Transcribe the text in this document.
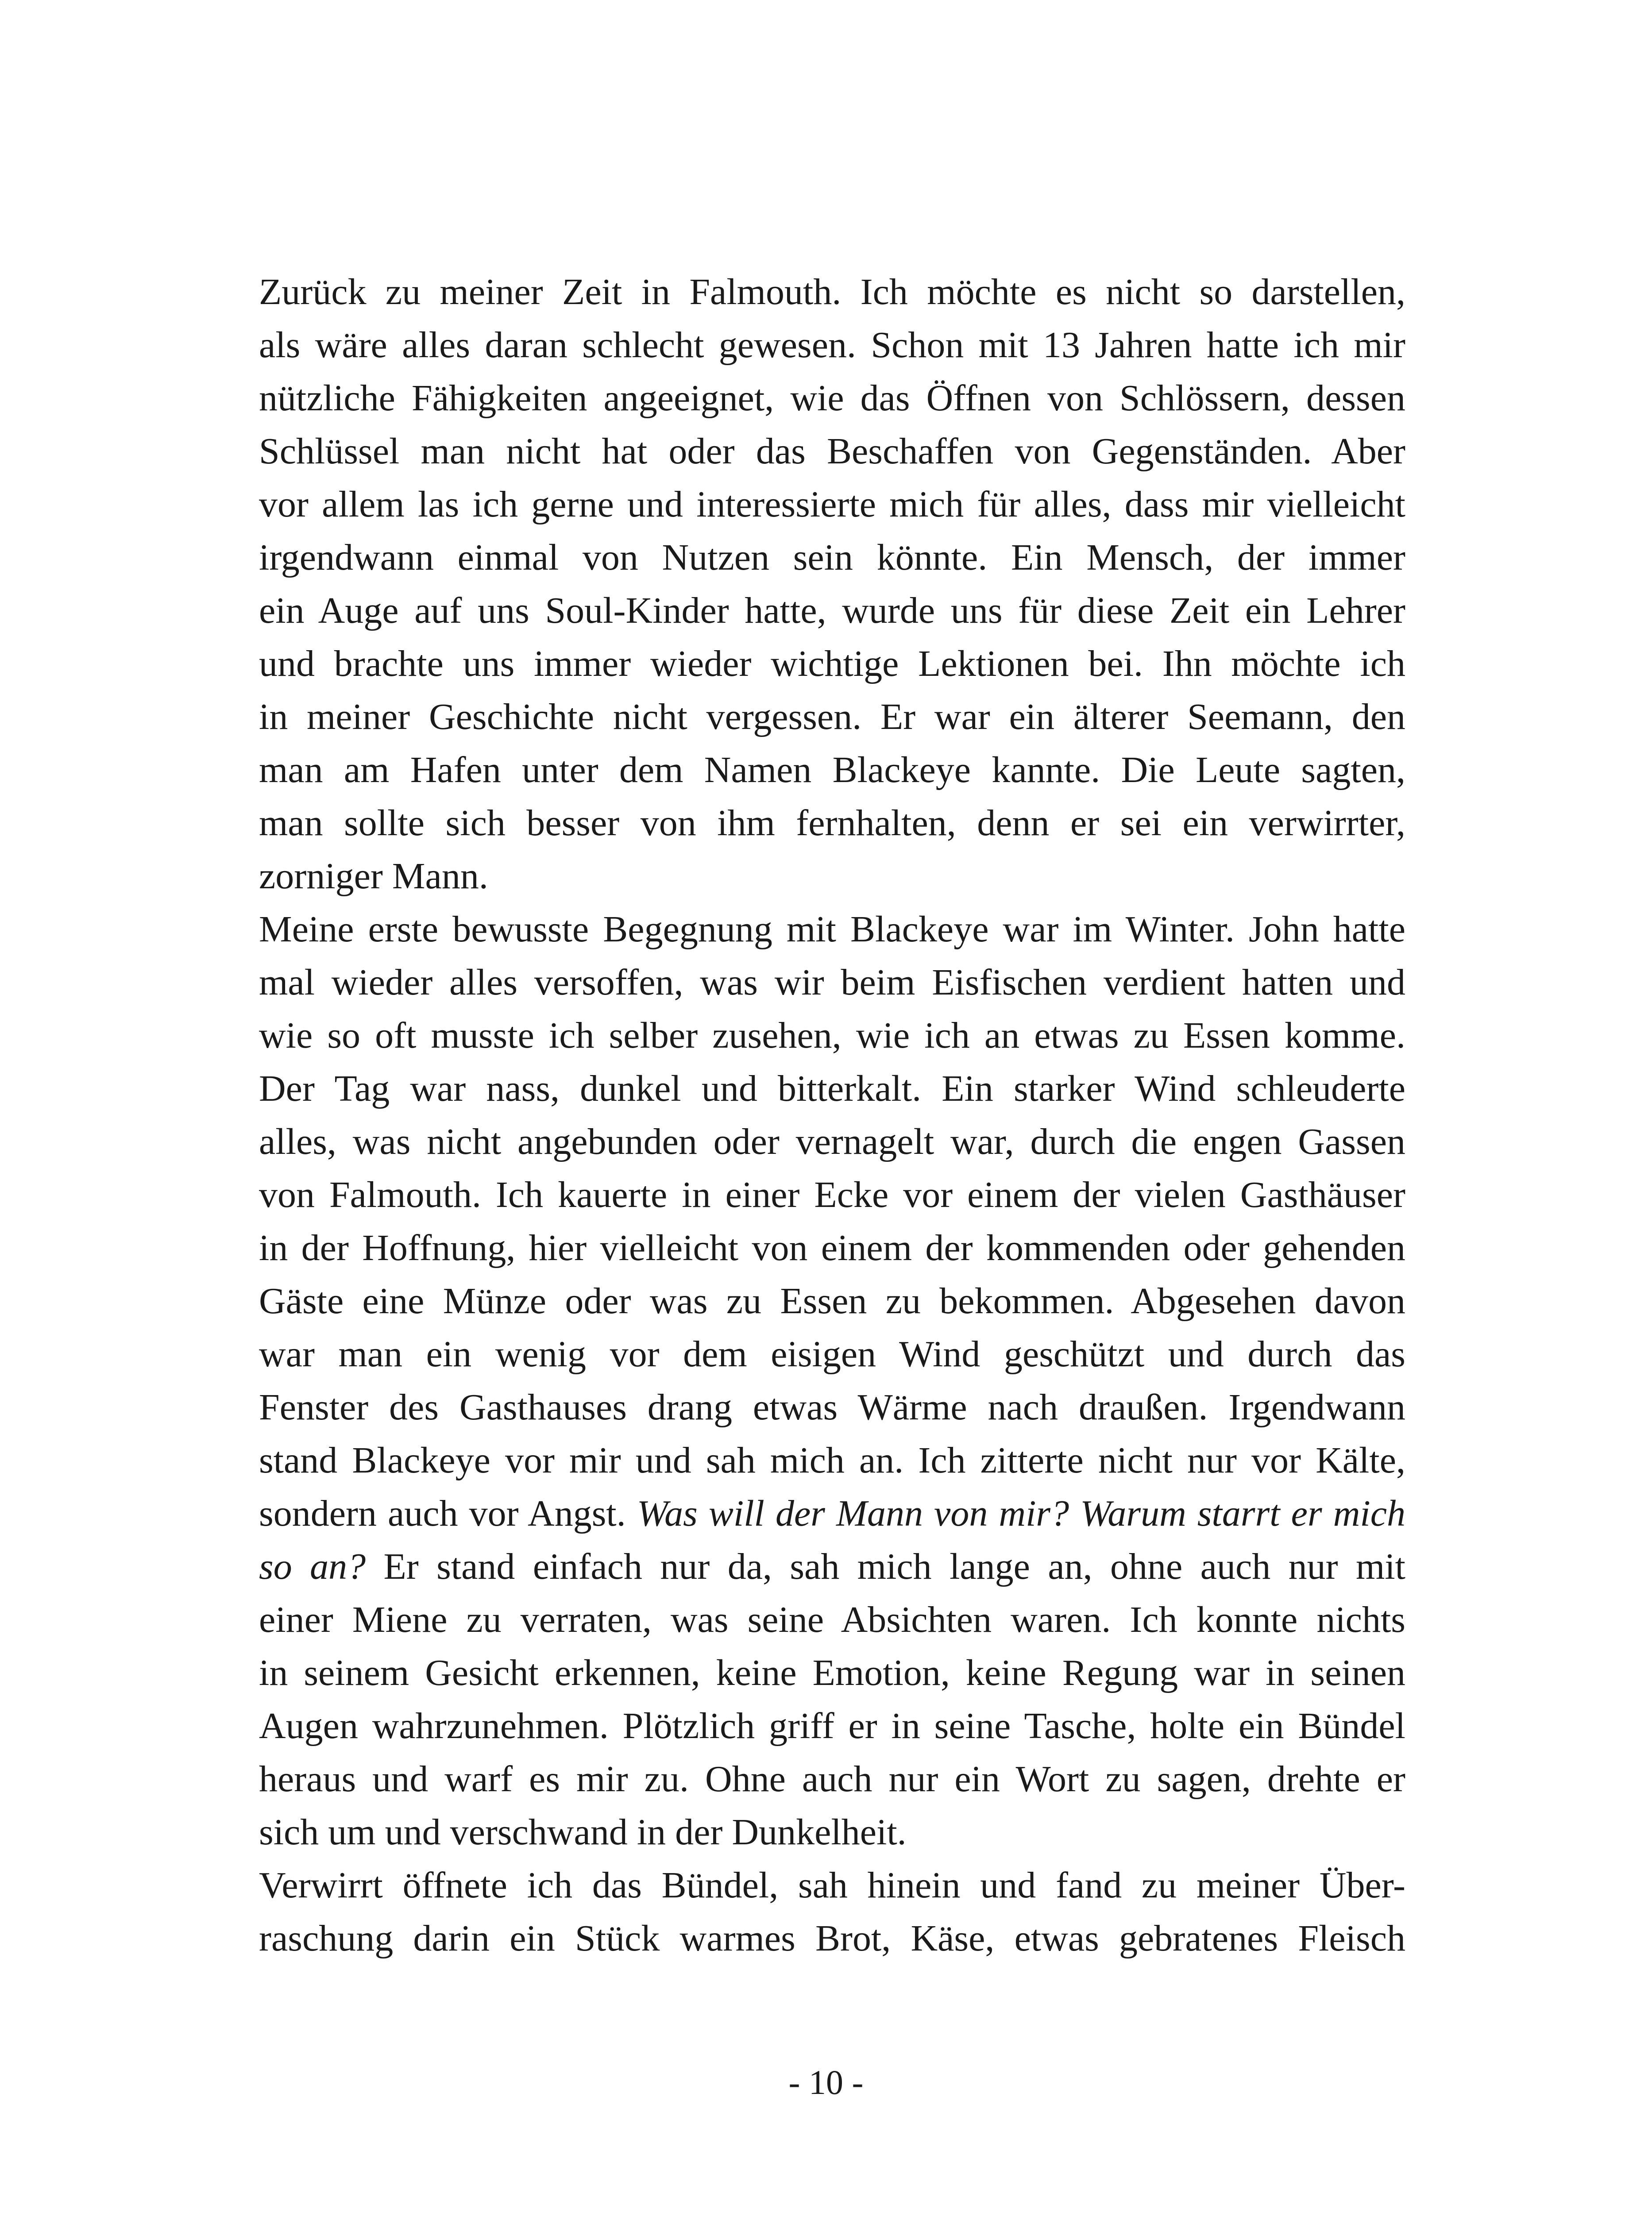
Zurück zu meiner Zeit in Falmouth. Ich möchte es nicht so darstellen,
als wäre alles daran schlecht gewesen. Schon mit 13 Jahren hatte ich mir
nützliche Fähigkeiten angeeignet, wie das Öffnen von Schlössern, dessen
Schlüssel man nicht hat oder das Beschaffen von Gegenständen. Aber
vor allem las ich gerne und interessierte mich für alles, dass mir vielleicht
irgendwann einmal von Nutzen sein könnte. Ein Mensch, der immer
ein Auge auf uns Soul-Kinder hatte, wurde uns für diese Zeit ein Lehrer
und brachte uns immer wieder wichtige Lektionen bei. Ihn möchte ich
in meiner Geschichte nicht vergessen. Er war ein älterer Seemann, den
man am Hafen unter dem Namen Blackeye kannte. Die Leute sagten,
man sollte sich besser von ihm fernhalten, denn er sei ein verwirrter,
zorniger Mann.
Meine erste bewusste Begegnung mit Blackeye war im Winter. John hatte
mal wieder alles versoffen, was wir beim Eisfischen verdient hatten und
wie so oft musste ich selber zusehen, wie ich an etwas zu Essen komme.
Der Tag war nass, dunkel und bitterkalt. Ein starker Wind schleuderte
alles, was nicht angebunden oder vernagelt war, durch die engen Gassen
von Falmouth. Ich kauerte in einer Ecke vor einem der vielen Gasthäuser
in der Hoffnung, hier vielleicht von einem der kommenden oder gehenden
Gäste eine Münze oder was zu Essen zu bekommen. Abgesehen davon
war man ein wenig vor dem eisigen Wind geschützt und durch das
Fenster des Gasthauses drang etwas Wärme nach draußen. Irgendwann
stand Blackeye vor mir und sah mich an. Ich zitterte nicht nur vor Kälte,
sondern auch vor Angst. Was will der Mann von mir? Warum starrt er mich
so an? Er stand einfach nur da, sah mich lange an, ohne auch nur mit
einer Miene zu verraten, was seine Absichten waren. Ich konnte nichts
in seinem Gesicht erkennen, keine Emotion, keine Regung war in seinen
Augen wahrzunehmen. Plötzlich griff er in seine Tasche, holte ein Bündel
heraus und warf es mir zu. Ohne auch nur ein Wort zu sagen, drehte er
sich um und verschwand in der Dunkelheit.
Verwirrt öffnete ich das Bündel, sah hinein und fand zu meiner Über-
raschung darin ein Stück warmes Brot, Käse, etwas gebratenes Fleisch
- 10 -
